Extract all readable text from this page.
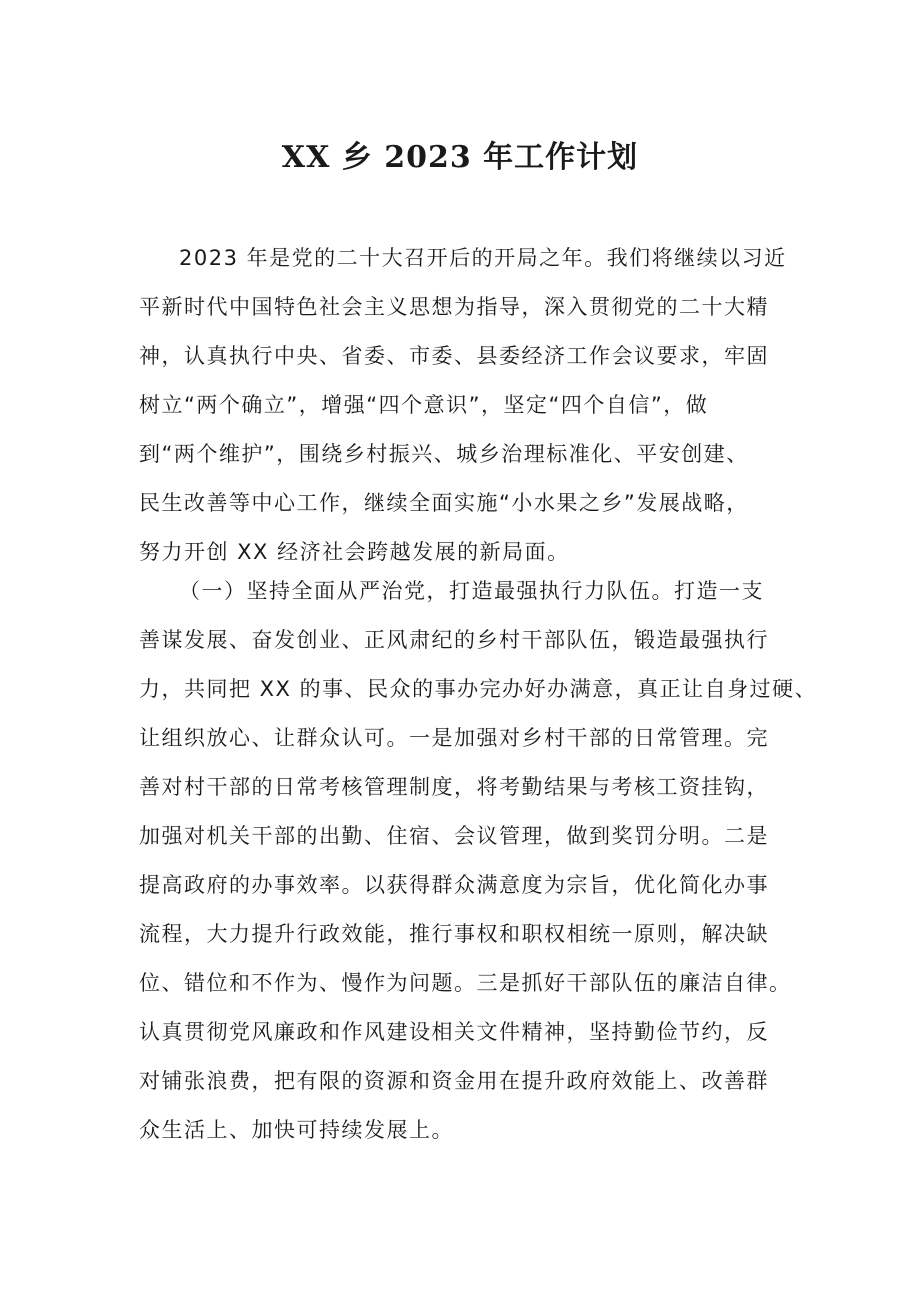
XX 乡 2023 年工作计划
2023 年是党的二十大召开后的开局之年。我们将继续以习近
平新时代中国特色社会主义思想为指导，深入贯彻党的二十大精
神，认真执行中央、省委、市委、县委经济工作会议要求，牢固
树立“两个确立”，增强“四个意识”，坚定“四个自信”，做
到“两个维护”，围绕乡村振兴、城乡治理标准化、平安创建、
民生改善等中心工作，继续全面实施“小水果之乡”发展战略，
努力开创 XX 经济社会跨越发展的新局面。
（一）坚持全面从严治党，打造最强执行力队伍。打造一支
善谋发展、奋发创业、正风肃纪的乡村干部队伍，锻造最强执行
力，共同把 XX 的事、民众的事办完办好办满意，真正让自身过硬、
让组织放心、让群众认可。一是加强对乡村干部的日常管理。完
善对村干部的日常考核管理制度，将考勤结果与考核工资挂钩，
加强对机关干部的出勤、住宿、会议管理，做到奖罚分明。二是
提高政府的办事效率。以获得群众满意度为宗旨，优化简化办事
流程，大力提升行政效能，推行事权和职权相统一原则，解决缺
位、错位和不作为、慢作为问题。三是抓好干部队伍的廉洁自律。
认真贯彻党风廉政和作风建设相关文件精神，坚持勤俭节约，反
对铺张浪费，把有限的资源和资金用在提升政府效能上、改善群
众生活上、加快可持续发展上。
